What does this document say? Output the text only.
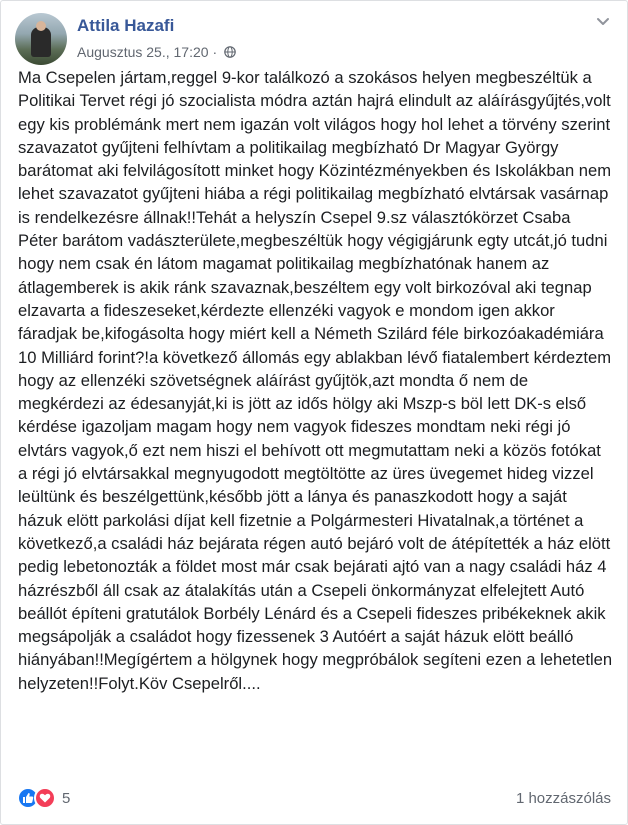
Attila Hazafi
Augusztus 25., 17:20 ·

Ma Csepelen jártam,reggel 9-kor találkozó a szokásos helyen megbeszéltük a Politikai Tervet régi jó szocialista módra aztán hajrá elindult az aláírásgyűjtés,volt egy kis problémánk mert nem igazán volt világos hogy hol lehet a törvény szerint szavazatot gyűjteni felhívtam a politikailag megbízható Dr Magyar György barátomat aki felvilágosított minket hogy Közintézményekben és Iskolákban nem lehet szavazatot gyűjteni hiába a régi politikailag megbízható elvtársak vasárnap is rendelkezésre állnak!!Tehát a helyszín Csepel 9.sz választókörzet Csaba Péter barátom vadászterülete,megbeszéltük hogy végigjárunk egty utcát,jó tudni hogy nem csak én látom magamat politikailag megbízhatónak hanem az átlagemberek is akik ránk szavaznak,beszéltem egy volt birkozóval aki tegnap elzavarta a fideszeseket,kérdezte ellenzéki vagyok e mondom igen akkor fáradjak be,kifogásolta hogy miért kell a Németh Szilárd féle birkozóakadémiára 10 Milliárd forint?!a következő állomás egy ablakban lévő fiatalembert kérdeztem hogy az ellenzéki szövetségnek aláírást gyűjtök,azt mondta ő nem de megkérdezi az édesanyját,ki is jött az idős hölgy aki Mszp-s böl lett DK-s első kérdése igazoljam magam hogy nem vagyok fideszes mondtam neki régi jó elvtárs vagyok,ő ezt nem hiszi el behívott ott megmutattam neki a közös fotókat a régi jó elvtársakkal megnyugodott megtöltötte az üres üvegemet hideg vizzel leültünk és beszélgettünk,később jött a lánya és panaszkodott hogy a saját házuk elött parkolási díjat kell fizetnie a Polgármesteri Hivatalnak,a történet a következő,a családi ház bejárata régen autó bejáró volt de átépítették a ház elött pedig lebetonozták a földet most már csak bejárati ajtó van a nagy családi ház 4 házrészből áll csak az átalakítás után a Csepeli önkormányzat elfelejtett Autó beállót építeni gratutálok Borbély Lénárd és a Csepeli fideszes pribékeknek akik megsápolják a családot hogy fizessenek 3 Autóért a saját házuk elött beálló hiányában!!Megígértem a hölgynek hogy megpróbálok segíteni ezen a lehetetlen helyzeten!!Folyt.Köv Csepelről....

5	1 hozzászólás
